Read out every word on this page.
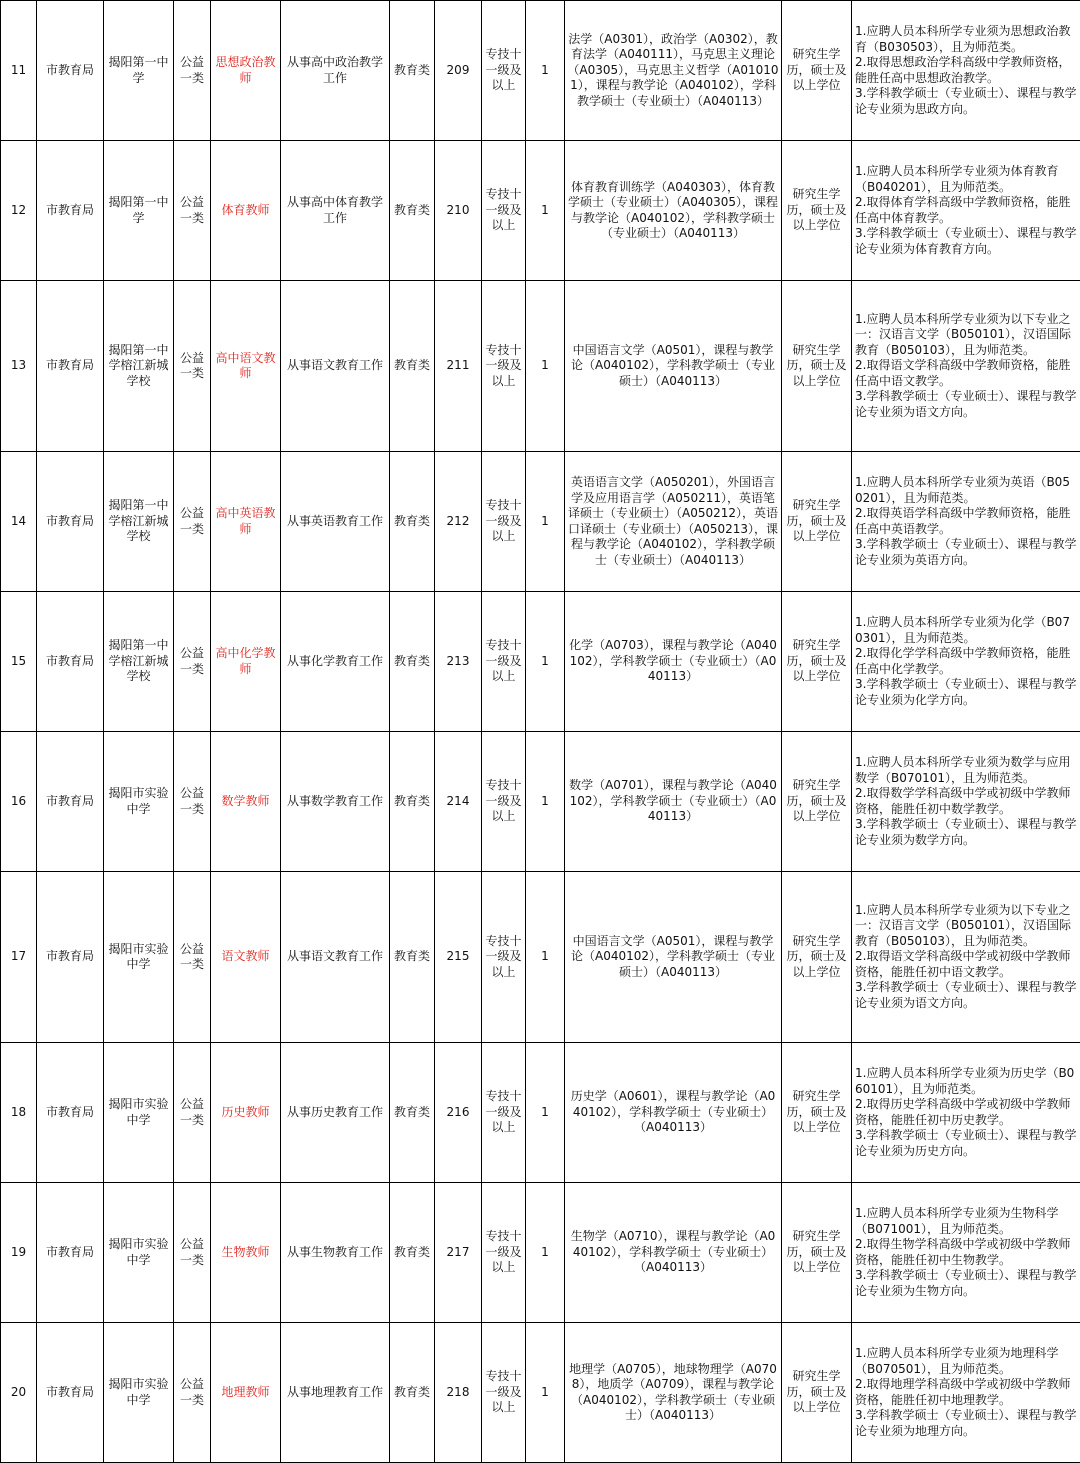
11	市教育局	揭阳第一中学	公益一类	思想政治教师	从事高中政治教学工作	教育类	209	专技十一级及以上	1	法学（A0301），政治学（A0302），教育法学（A040111），马克思主义理论（A0305），马克思主义哲学（A010101），课程与教学论（A040102），学科教学硕士（专业硕士）（A040113）	研究生学历，硕士及以上学位	1.应聘人员本科所学专业须为思想政治教育（B030503），且为师范类。
2.取得思想政治学科高级中学教师资格，能胜任高中思想政治教学。
3.学科教学硕士（专业硕士）、课程与教学论专业须为思政方向。

12	市教育局	揭阳第一中学	公益一类	体育教师	从事高中体育教学工作	教育类	210	专技十一级及以上	1	体育教育训练学（A040303），体育教学硕士（专业硕士）（A040305），课程与教学论（A040102），学科教学硕士（专业硕士）（A040113）	研究生学历，硕士及以上学位	1.应聘人员本科所学专业须为体育教育（B040201），且为师范类。
2.取得体育学科高级中学教师资格，能胜任高中体育教学。
3.学科教学硕士（专业硕士）、课程与教学论专业须为体育教育方向。

13	市教育局	揭阳第一中学榕江新城学校	公益一类	高中语文教师	从事语文教育工作	教育类	211	专技十一级及以上	1	中国语言文学（A0501），课程与教学论（A040102），学科教学硕士（专业硕士）（A040113）	研究生学历，硕士及以上学位	1.应聘人员本科所学专业须为以下专业之一：汉语言文学（B050101），汉语国际教育（B050103），且为师范类。
2.取得语文学科高级中学教师资格，能胜任高中语文教学。
3.学科教学硕士（专业硕士）、课程与教学论专业须为语文方向。

14	市教育局	揭阳第一中学榕江新城学校	公益一类	高中英语教师	从事英语教育工作	教育类	212	专技十一级及以上	1	英语语言文学（A050201），外国语言学及应用语言学（A050211），英语笔译硕士（专业硕士）（A050212），英语口译硕士（专业硕士）（A050213），课程与教学论（A040102），学科教学硕士（专业硕士）（A040113）	研究生学历，硕士及以上学位	1.应聘人员本科所学专业须为英语（B050201），且为师范类。
2.取得英语学科高级中学教师资格，能胜任高中英语教学。
3.学科教学硕士（专业硕士）、课程与教学论专业须为英语方向。

15	市教育局	揭阳第一中学榕江新城学校	公益一类	高中化学教师	从事化学教育工作	教育类	213	专技十一级及以上	1	化学（A0703），课程与教学论（A040102），学科教学硕士（专业硕士）（A040113）	研究生学历，硕士及以上学位	1.应聘人员本科所学专业须为化学（B070301），且为师范类。
2.取得化学学科高级中学教师资格，能胜任高中化学教学。
3.学科教学硕士（专业硕士）、课程与教学论专业须为化学方向。

16	市教育局	揭阳市实验中学	公益一类	数学教师	从事数学教育工作	教育类	214	专技十一级及以上	1	数学（A0701），课程与教学论（A040102），学科教学硕士（专业硕士）（A040113）	研究生学历，硕士及以上学位	1.应聘人员本科所学专业须为数学与应用数学（B070101），且为师范类。
2.取得数学学科高级中学或初级中学教师资格，能胜任初中数学教学。
3.学科教学硕士（专业硕士）、课程与教学论专业须为数学方向。

17	市教育局	揭阳市实验中学	公益一类	语文教师	从事语文教育工作	教育类	215	专技十一级及以上	1	中国语言文学（A0501），课程与教学论（A040102），学科教学硕士（专业硕士）（A040113）	研究生学历，硕士及以上学位	1.应聘人员本科所学专业须为以下专业之一：汉语言文学（B050101），汉语国际教育（B050103），且为师范类。
2.取得语文学科高级中学或初级中学教师资格，能胜任初中语文教学。
3.学科教学硕士（专业硕士）、课程与教学论专业须为语文方向。

18	市教育局	揭阳市实验中学	公益一类	历史教师	从事历史教育工作	教育类	216	专技十一级及以上	1	历史学（A0601），课程与教学论（A040102），学科教学硕士（专业硕士）（A040113）	研究生学历，硕士及以上学位	1.应聘人员本科所学专业须为历史学（B060101），且为师范类。
2.取得历史学科高级中学或初级中学教师资格，能胜任初中历史教学。
3.学科教学硕士（专业硕士）、课程与教学论专业须为历史方向。

19	市教育局	揭阳市实验中学	公益一类	生物教师	从事生物教育工作	教育类	217	专技十一级及以上	1	生物学（A0710），课程与教学论（A040102），学科教学硕士（专业硕士）（A040113）	研究生学历，硕士及以上学位	1.应聘人员本科所学专业须为生物科学（B071001），且为师范类。
2.取得生物学科高级中学或初级中学教师资格，能胜任初中生物教学。
3.学科教学硕士（专业硕士）、课程与教学论专业须为生物方向。

20	市教育局	揭阳市实验中学	公益一类	地理教师	从事地理教育工作	教育类	218	专技十一级及以上	1	地理学（A0705），地球物理学（A0708），地质学（A0709），课程与教学论（A040102），学科教学硕士（专业硕士）（A040113）	研究生学历，硕士及以上学位	1.应聘人员本科所学专业须为地理科学（B070501），且为师范类。
2.取得地理学科高级中学或初级中学教师资格，能胜任初中地理教学。
3.学科教学硕士（专业硕士）、课程与教学论专业须为地理方向。
